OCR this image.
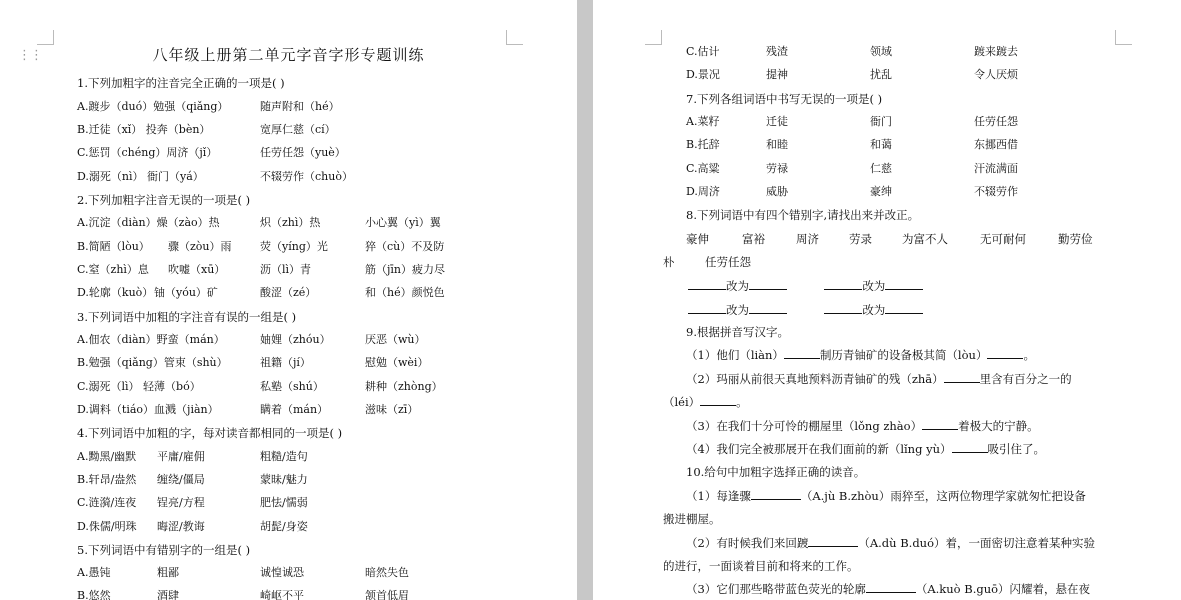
⋮⋮	八年级上册第二单元字音字形专题训练
1.下列加粗字的注音完全正确的一项是( )
A.踱步（duó）勉强（qiǎng）	随声附和（hé）
B.迁徒（xǐ） 投奔（bèn）	宽厚仁慈（cí）
C.惩罚（chéng）周济（jǐ）	任劳任怨（yuè）
D.溺死（nì） 衙门（yá）	不辍劳作（chuò）
2.下列加粗字注音无误的一项是( )
A.沉淀（diàn）燥（zào）热	炽（zhì）热	小心翼（yì）翼
B.简陋（lòu） 骤（zòu）雨	荧（yíng）光	猝（cù）不及防
C.窒（zhì）息 吹嘘（xū）	沥（lì）青	筋（jīn）疲力尽
D.轮廓（kuò） 铀（yóu）矿	酸涩（zé）	和（hé）颜悦色
3.下列词语中加粗的字注音有误的一组是( )
A.佃农（diàn）野蛮（mán）	妯娌（zhóu）	厌恶（wù）
B.勉强（qiǎng）管束（shù）	祖籍（jí）	慰勉（wèi）
C.溺死（lì） 轻薄（bó）	私塾（shú）	耕种（zhòng）
D.调料（tiáo）血溅（jiàn）	瞒着（mán）	滋味（zī）
4.下列词语中加粗的字，每对读音都相同的一项是( )
A.黝黑/幽默 平庸/雇佣	粗糙/造句
B.轩昂/盎然 缠绕/僵局	蒙昧/魅力
C.涟漪/连夜 锃亮/方程	肥怯/懦弱
D.侏儒/明珠 晦涩/教诲	胡髭/身姿
5.下列词语中有错别字的一组是( )
A.愚钝	粗鄙	诚惶诚恐	暗然失色
B.悠然	酒肆	崎岖不平	颔首低眉
C.估计	残渣	领域	踱来踱去
D.景况	提神	扰乱	令人厌烦
7.下列各组词语中书写无误的一项是( )
A.菜籽	迁徒	衙门	任劳任怨
B.托辞	和睦	和蔼	东挪西借
C.高粱	劳禄	仁慈	汗流满面
D.周济	威胁	豪绅	不辍劳作
8.下列词语中有四个错别字,请找出来并改正。
豪伸	富裕	周济	劳录	为富不人	无可耐何	勤劳俭
朴	任劳任怨
改为	改为
改为	改为
9.根据拼音写汉字。
（1）他们（liàn）	制历青铀矿的设备极其简（lòu）	。
（2）玛丽从前很天真地预料沥青铀矿的残（zhā）	里含有百分之一的
（léi）	。
（3）在我们十分可怜的棚屋里（lǒng zhào）	着极大的宁静。
（4）我们完全被那展开在我们面前的新（lǐng yù）	吸引住了。
10.给句中加粗字选择正确的读音。
（1）每逢骤	（A.jù B.zhòu）雨猝至，这两位物理学家就匆忙把设备
搬进棚屋。
（2）有时候我们来回踱	（A.dù B.duó）着，一面密切注意着某种实验
的进行，一面谈着目前和将来的工作。
（3）它们那些略带蓝色荧光的轮廓	（A.kuò B.guō）闪耀着，悬在夜
